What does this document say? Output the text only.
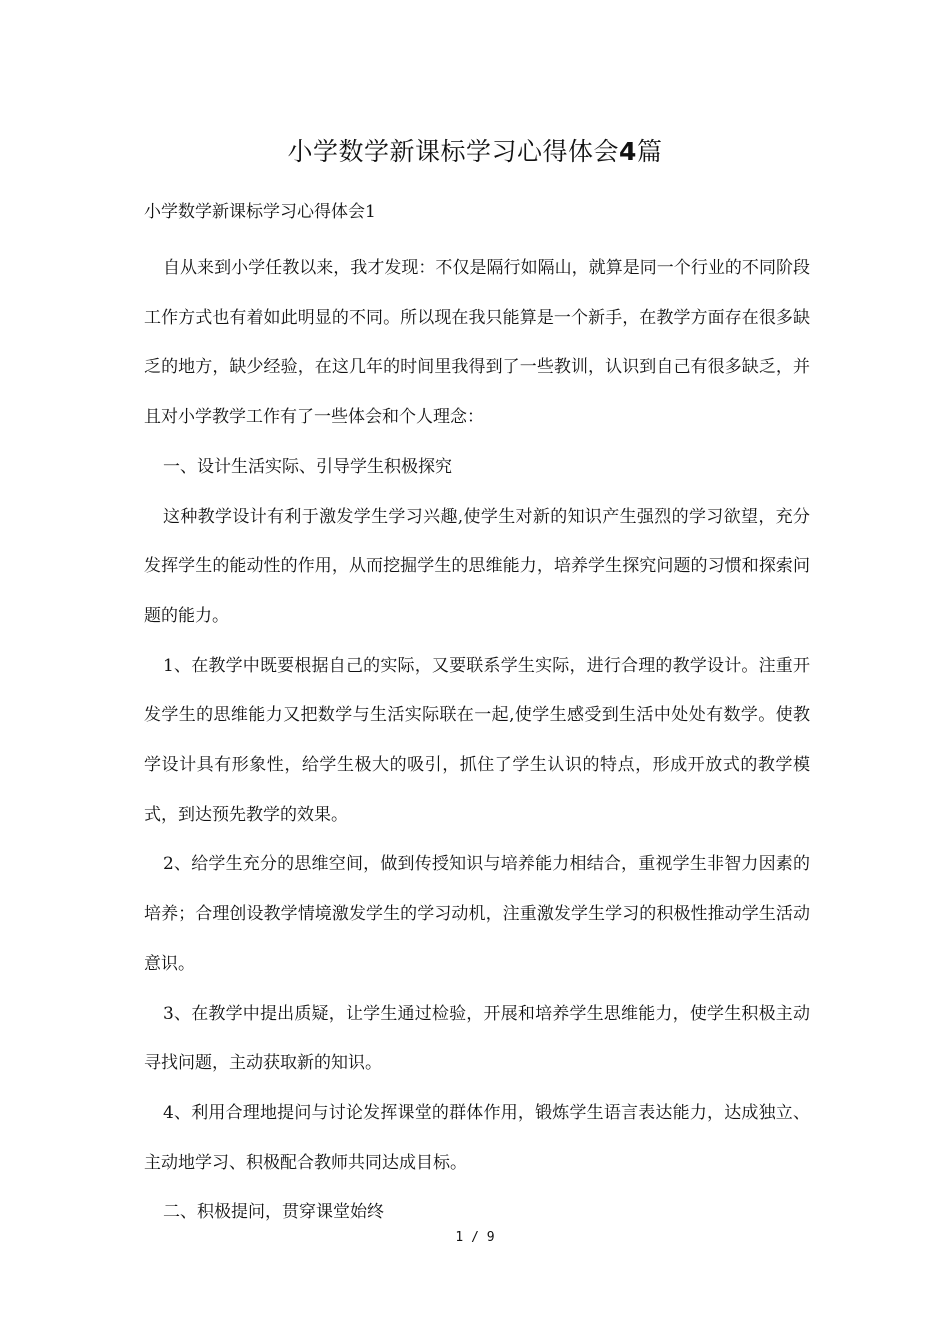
小学数学新课标学习心得体会4篇
小学数学新课标学习心得体会1

自从来到小学任教以来，我才发现：不仅是隔行如隔山，就算是同一个行业的不同阶段工作方式也有着如此明显的不同。所以现在我只能算是一个新手，在教学方面存在很多缺乏的地方，缺少经验，在这几年的时间里我得到了一些教训，认识到自己有很多缺乏，并且对小学教学工作有了一些体会和个人理念：

一、设计生活实际、引导学生积极探究

这种教学设计有利于激发学生学习兴趣,使学生对新的知识产生强烈的学习欲望，充分发挥学生的能动性的作用，从而挖掘学生的思维能力，培养学生探究问题的习惯和探索问题的能力。

1、在教学中既要根据自己的实际，又要联系学生实际，进行合理的教学设计。注重开发学生的思维能力又把数学与生活实际联在一起,使学生感受到生活中处处有数学。使教学设计具有形象性，给学生极大的吸引，抓住了学生认识的特点，形成开放式的教学模式，到达预先教学的效果。

2、给学生充分的思维空间，做到传授知识与培养能力相结合，重视学生非智力因素的培养；合理创设教学情境激发学生的学习动机，注重激发学生学习的积极性推动学生活动意识。

3、在教学中提出质疑，让学生通过检验，开展和培养学生思维能力，使学生积极主动寻找问题，主动获取新的知识。

4、利用合理地提问与讨论发挥课堂的群体作用，锻炼学生语言表达能力，达成独立、主动地学习、积极配合教师共同达成目标。

二、积极提问，贯穿课堂始终

1 / 9
